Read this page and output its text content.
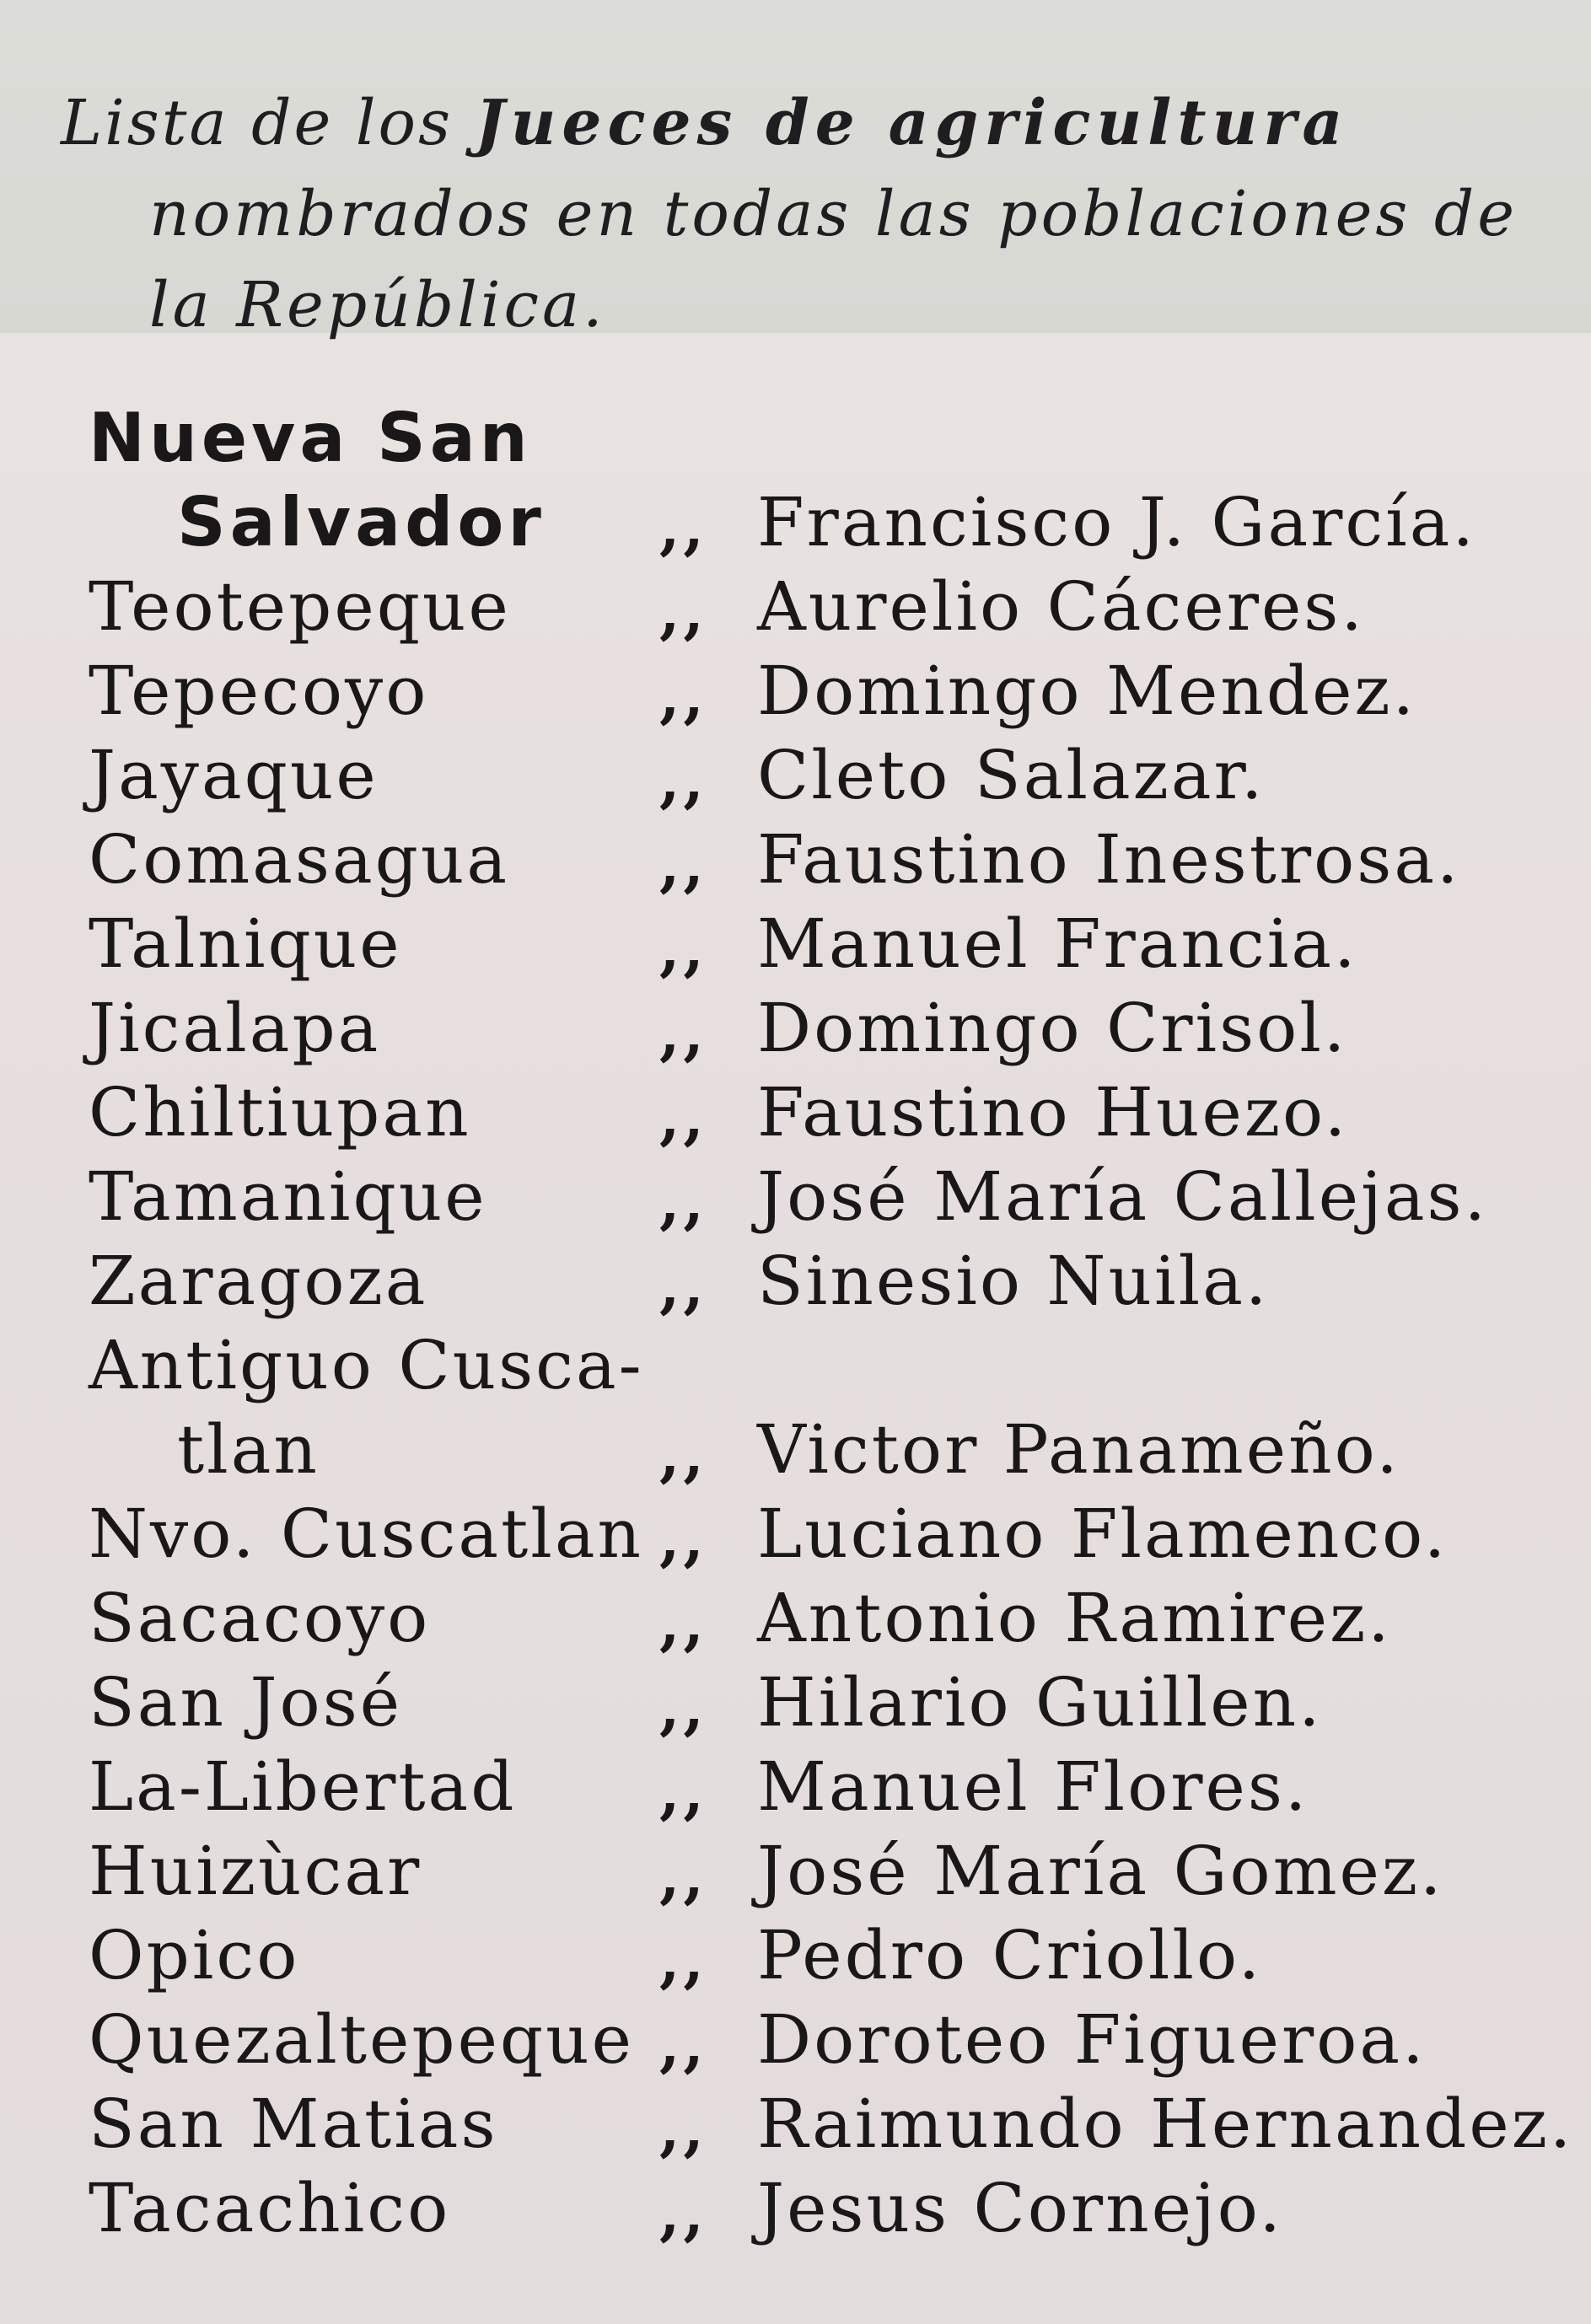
Lista de los Jueces de agricultura
nombrados en todas las poblaciones de
la República.

Nueva San
Salvador ,, Francisco J. García.
Teotepeque	,, Aurelio Cáceres.
Tepecoyo	,, Domingo Mendez.
Jayaque	,, Cleto Salazar.
Comasagua	,, Faustino Inestrosa.
Talnique	,, Manuel Francia.
Jicalapa	,, Domingo Crisol.
Chiltiupan	,, Faustino Huezo.
Tamanique	,, José María Callejas.
Zaragoza	,, Sinesio Nuila.
Antiguo Cusca-
tlan	,, Victor Panameño.
Nvo. Cuscatlan ,, Luciano Flamenco.
Sacacoyo	,, Antonio Ramirez.
San José	,, Hilario Guillen.
La-Libertad ,, Manuel Flores.
Huizùcar	,, José María Gomez.
Opico	,, Pedro Criollo.
Quezaltepeque ,, Doroteo Figueroa.
San Matias	,, Raimundo Hernandez.
Tacachico	,, Jesus Cornejo.
